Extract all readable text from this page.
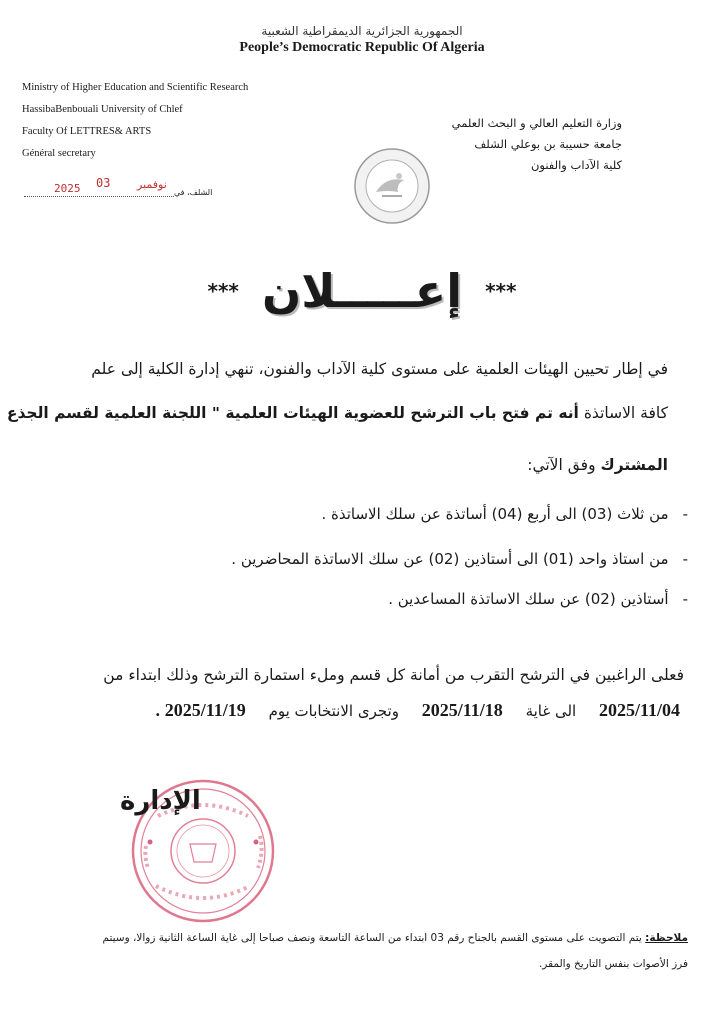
الجمهورية الجزائرية الديمقراطية الشعبية
People’s Democratic Republic Of Algeria
Ministry of Higher Education and Scientific Research
HassibaBenbouali University of Chlef
Faculty Of LETTRES& ARTS
Général secretary
وزارة التعليم العالي و البحث العلمي
جامعة حسيبة بن بوعلي الشلف
كلية الآداب والفنون
2025	نوفمبر
03
الشلف، في
*** إعـــــلان ***
في إطار تحيين الهيئات العلمية على مستوى كلية الآداب والفنون، تنهي إدارة الكلية إلى علم
كافة الاساتذة أنه تم فتح باب الترشح للعضوية الهيئات العلمية " اللجنة العلمية لقسم الجذع
المشترك وفق الآتي:
-من ثلاث (03) الى أربع (04) أساتذة عن سلك الاساتذة .
-من استاذ واحد (01) الى أستاذين (02) عن سلك الاساتذة المحاضرين .
-أستاذين (02) عن سلك الاساتذة المساعدين .
فعلى الراغبين في الترشح التقرب من أمانة كل قسم وملء استمارة الترشح وذلك ابتداء من
2025/11/04 الى غاية 2025/11/18 وتجرى الانتخابات يوم 2025/11/19 .
الإدارة
ملاحظة: يتم التصويت على مستوى القسم بالجناح رقم 03 ابتداء من الساعة التاسعة ونصف صباحا إلى غاية الساعة الثانية زوالا، وسيتم
فرز الأصوات بنفس التاريخ والمقر.
